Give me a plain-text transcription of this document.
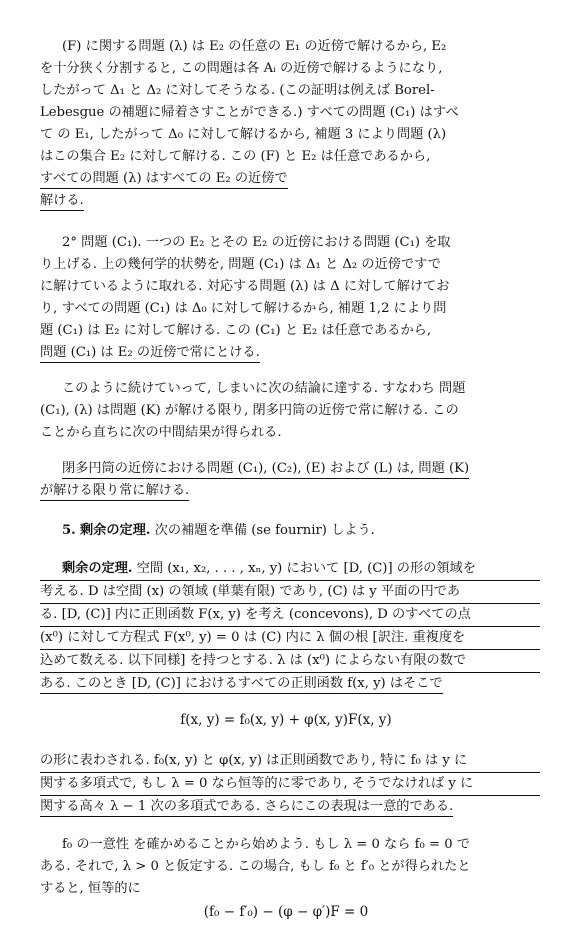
(F) に関する問題 (λ) は E₂ の任意の E₁ の近傍で解けるから, E₂
を十分狭く分割すると, この問題は各 Aᵢ の近傍で解けるようになり,
したがって Δ₁ と Δ₂ に対してそうなる. (この証明は例えば Borel-
Lebesgue の補題に帰着さすことができる.) すべての問題 (C₁) はすべ
て の E₁, したがって Δ₀ に対して解けるから, 補題 3 により問題 (λ)
はこの集合 E₂ に対して解ける. この (F) と E₂ は任意であるから,
すべての問題 (λ) はすべての E₂ の近傍で
解ける.
2° 問題 (C₁). 一つの E₂ とその E₂ の近傍における問題 (C₁) を取
り上げる. 上の幾何学的状勢を, 問題 (C₁) は Δ₁ と Δ₂ の近傍ですで
に解けているように取れる. 対応する問題 (λ) は Δ に対して解けてお
り, すべての問題 (C₁) は Δ₀ に対して解けるから, 補題 1,2 により問
題 (C₁) は E₂ に対して解ける. この (C₁) と E₂ は任意であるから,
問題 (C₁) は E₂ の近傍で常にとける.
このように続けていって, しまいに次の結論に達する. すなわち 問題
(C₁), (λ) は問題 (K) が解ける限り, 閉多円筒の近傍で常に解ける. この
ことから直ちに次の中間結果が得られる.
閉多円筒の近傍における問題 (C₁), (C₂), (E) および (L) は, 問題 (K)
が解ける限り常に解ける.
5. 剰余の定理. 次の補題を準備 (se fournir) しよう.
剰余の定理. 空間 (x₁, x₂, . . . , xₙ, y) において [D, (C)] の形の領域を
考える. D は空間 (x) の領域 (単葉有限) であり, (C) は y 平面の円であ
る. [D, (C)] 内に正則函数 F(x, y) を考え (concevons), D のすべての点
(x⁰) に対して方程式 F(x⁰, y) = 0 は (C) 内に λ 個の根 [訳注. 重複度を
込めて数える. 以下同様] を持つとする. λ は (x⁰) によらない有限の数で
ある. このとき [D, (C)] におけるすべての正則函数 f(x, y) はそこで
f(x, y) = f₀(x, y) + φ(x, y)F(x, y)
の形に表わされる. f₀(x, y) と φ(x, y) は正則函数であり, 特に f₀ は y に
関する多項式で, もし λ = 0 なら恒等的に零であり, そうでなければ y に
関する高々 λ − 1 次の多項式である. さらにこの表現は一意的である.
f₀ の一意性 を確かめることから始めよう. もし λ = 0 なら f₀ = 0 で
ある. それで, λ > 0 と仮定する. この場合, もし f₀ と f′₀ とが得られたと
すると, 恒等的に
(f₀ − f′₀) − (φ − φ′)F = 0
